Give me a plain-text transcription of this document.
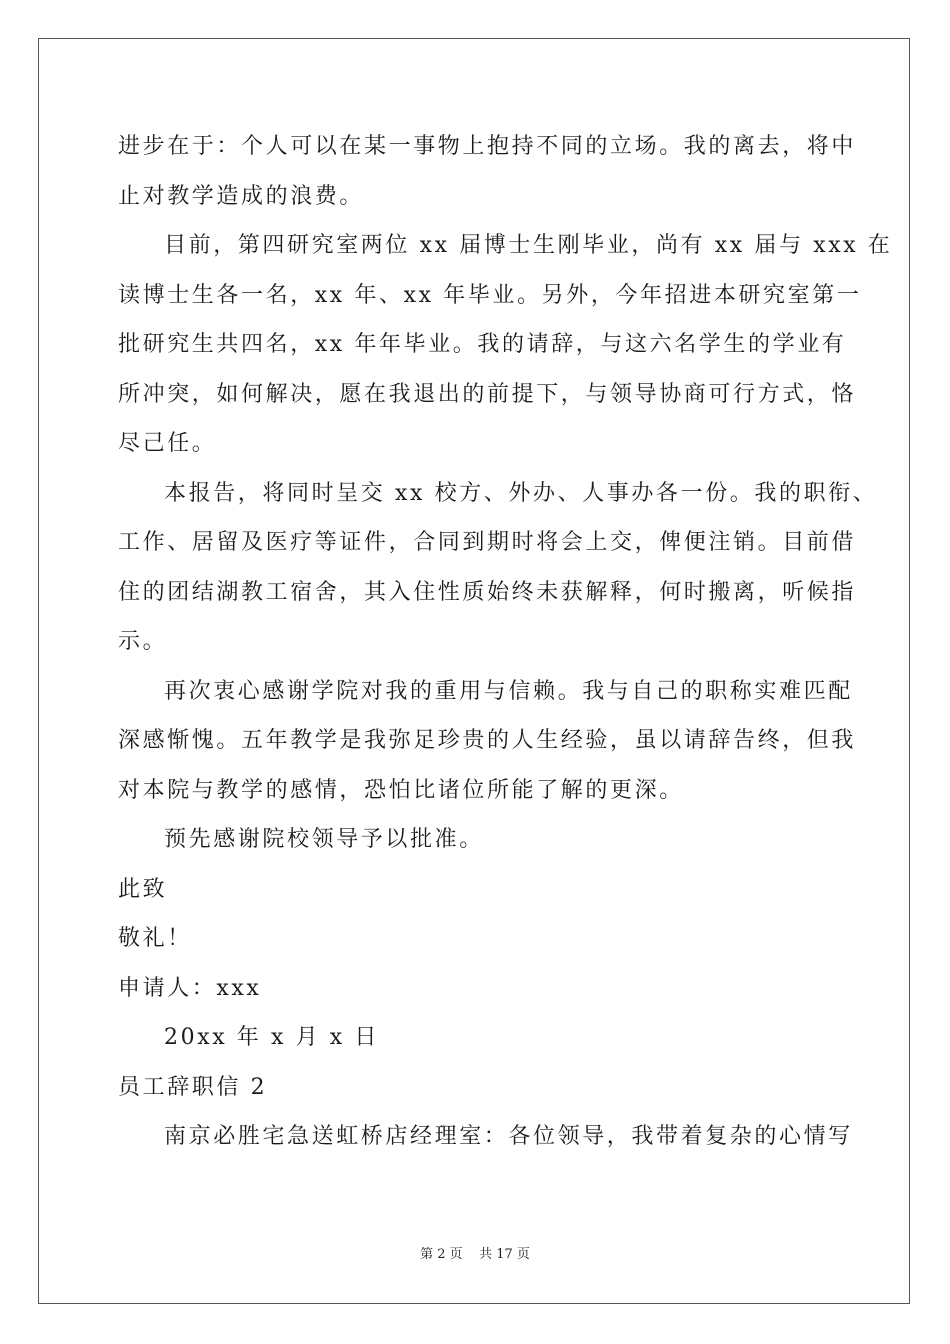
进步在于：个人可以在某一事物上抱持不同的立场。我的离去，将中
止对教学造成的浪费。
目前，第四研究室两位 xx 届博士生刚毕业，尚有 xx 届与 xxx 在
读博士生各一名，xx 年、xx 年毕业。另外，今年招进本研究室第一
批研究生共四名，xx 年年毕业。我的请辞，与这六名学生的学业有
所冲突，如何解决，愿在我退出的前提下，与领导协商可行方式，恪
尽己任。
本报告，将同时呈交 xx 校方、外办、人事办各一份。我的职衔、
工作、居留及医疗等证件，合同到期时将会上交，俾便注销。目前借
住的团结湖教工宿舍，其入住性质始终未获解释，何时搬离，听候指
示。
再次衷心感谢学院对我的重用与信赖。我与自己的职称实难匹配
深感惭愧。五年教学是我弥足珍贵的人生经验，虽以请辞告终，但我
对本院与教学的感情，恐怕比诸位所能了解的更深。
预先感谢院校领导予以批准。
此致
敬礼！
申请人：xxx
20xx 年 x 月 x 日
员工辞职信 2
南京必胜宅急送虹桥店经理室：各位领导，我带着复杂的心情写
第 2 页    共 17 页
